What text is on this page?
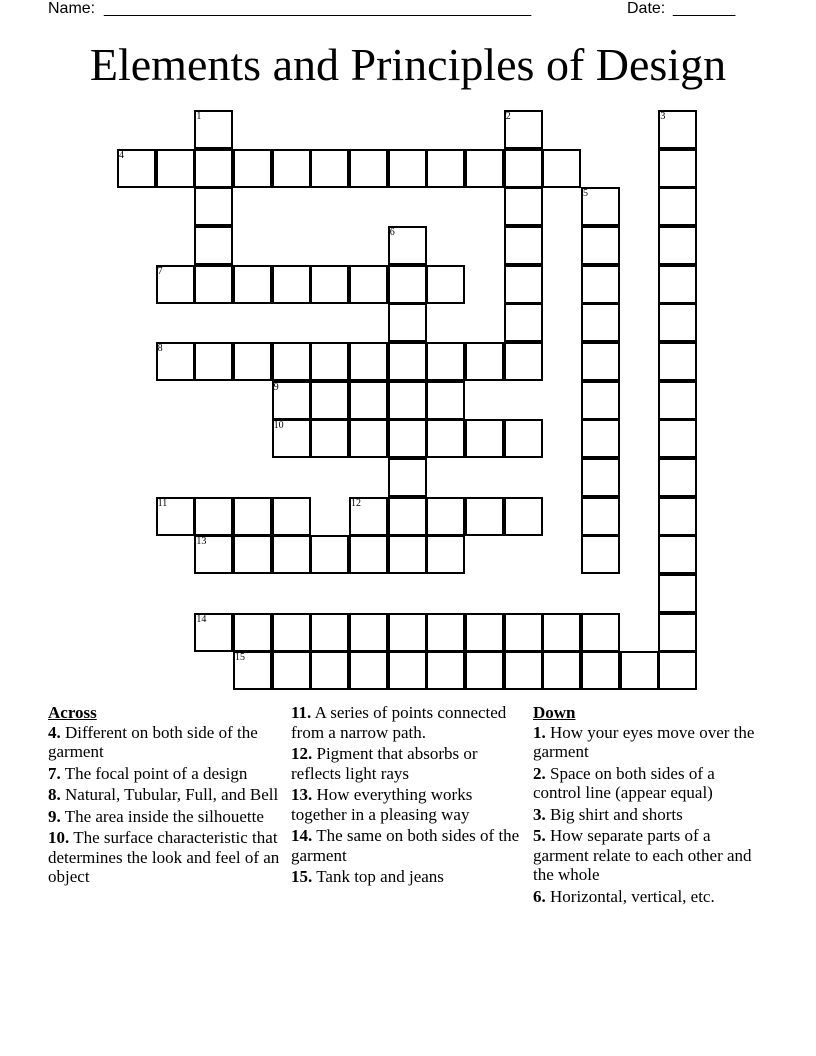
Name: ________________________________________________	Date: _______
Elements and Principles of Design
4
7
8
9
10
11	12
13
14
15
1	2	3
5
6
Across
4. Different on both side of the garment
7. The focal point of a design
8. Natural, Tubular, Full, and Bell
9. The area inside the silhouette
10. The surface characteristic that determines the look and feel of an object
11. A series of points connected from a narrow path.
12. Pigment that absorbs or reflects light rays
13. How everything works together in a pleasing way
14. The same on both sides of the garment
15. Tank top and jeans
Down
1. How your eyes move over the garment
2. Space on both sides of a control line (appear equal)
3. Big shirt and shorts
5. How separate parts of a garment relate to each other and the whole
6. Horizontal, vertical, etc.
